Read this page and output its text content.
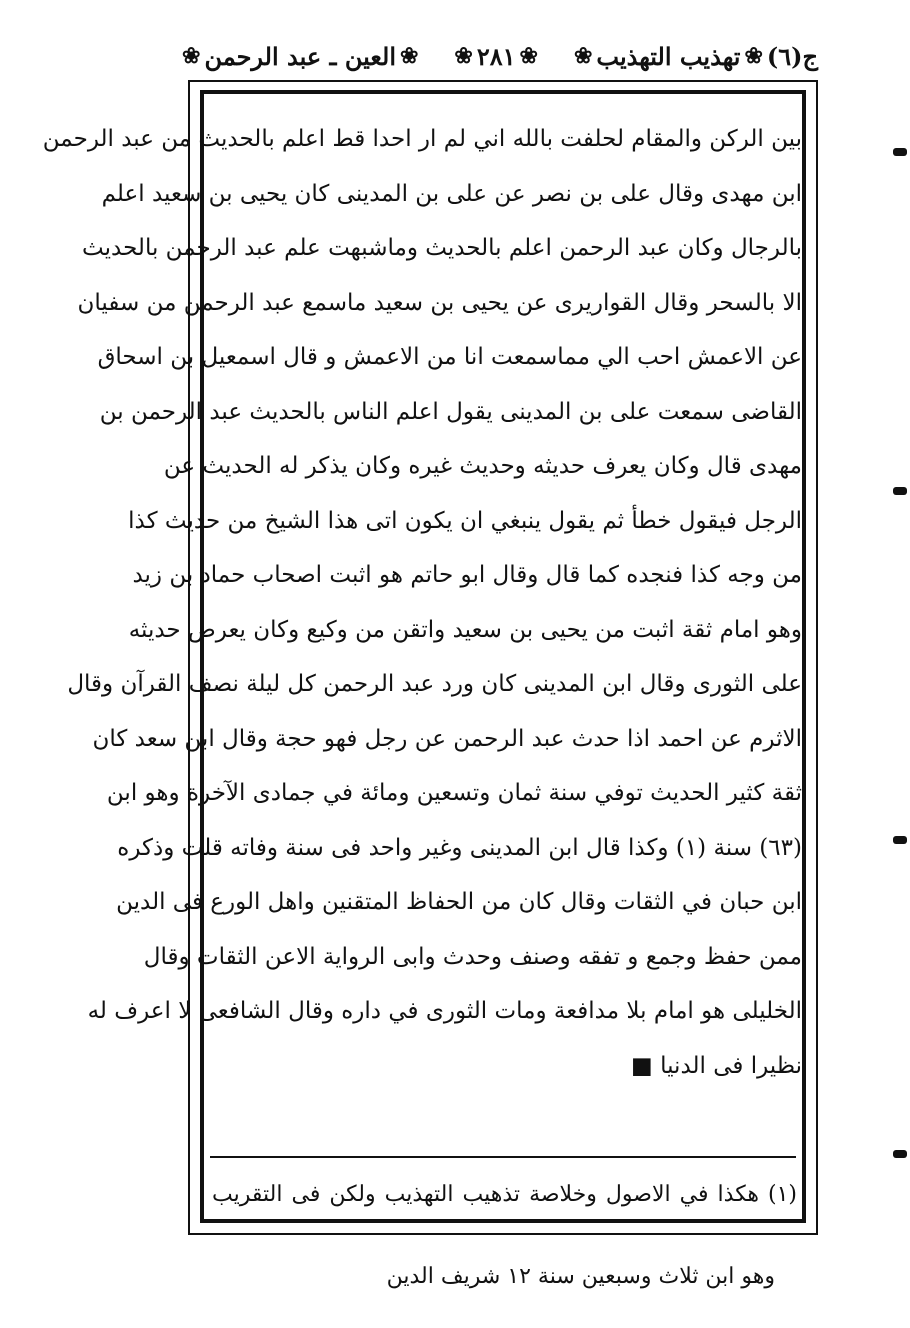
ج(٦)
❀
تهذيب التهذيب
❀
❀
٢٨١
❀
❀
العين ـ عبد الرحمن
❀
بين الركن والمقام لحلفت بالله اني لم ار احدا قط اعلم بالحديث من عبد الرحمن
ابن مهدى وقال على بن نصر عن على بن المدينى كان يحيى بن سعيد اعلم
بالرجال وكان عبد الرحمن اعلم بالحديث وماشبهت علم عبد الرحمن بالحديث
الا بالسحر وقال القواريرى عن يحيى بن سعيد ماسمع عبد الرحمن من سفيان
عن الاعمش احب الي مماسمعت انا من الاعمش و قال اسمعيل بن اسحاق
القاضى سمعت على بن المدينى يقول اعلم الناس بالحديث عبد الرحمن بن
مهدى قال وكان يعرف حديثه وحديث غيره وكان يذكر له الحديث عن
الرجل فيقول خطأ ثم يقول ينبغي ان يكون اتى هذا الشيخ من حديث كذا
من وجه كذا فنجده كما قال وقال ابو حاتم هو اثبت اصحاب حماد بن زيد
وهو امام ثقة اثبت من يحيى بن سعيد واتقن من وكيع وكان يعرض حديثه
على الثورى وقال ابن المدينى كان ورد عبد الرحمن كل ليلة نصف القرآن وقال
الاثرم عن احمد اذا حدث عبد الرحمن عن رجل فهو حجة وقال ابن سعد كان
ثقة كثير الحديث توفي سنة ثمان وتسعين ومائة في جمادى الآخرة وهو ابن
(٦٣) سنة (١) وكذا قال ابن المدينى وغير واحد فى سنة وفاته قلت وذكره
ابن حبان في الثقات وقال كان من الحفاظ المتقنين واهل الورع فى الدين
ممن حفظ وجمع و تفقه وصنف وحدث وابى الرواية الاعن الثقات وقال
الخليلى هو امام بلا مدافعة ومات الثورى في داره وقال الشافعى لا اعرف له
نظيرا فى الدنيا ■
(١) هكذا في الاصول وخلاصة تذهيب التهذيب ولكن فى التقريب
وهو ابن ثلاث وسبعين سنة ١٢ شريف الدين
